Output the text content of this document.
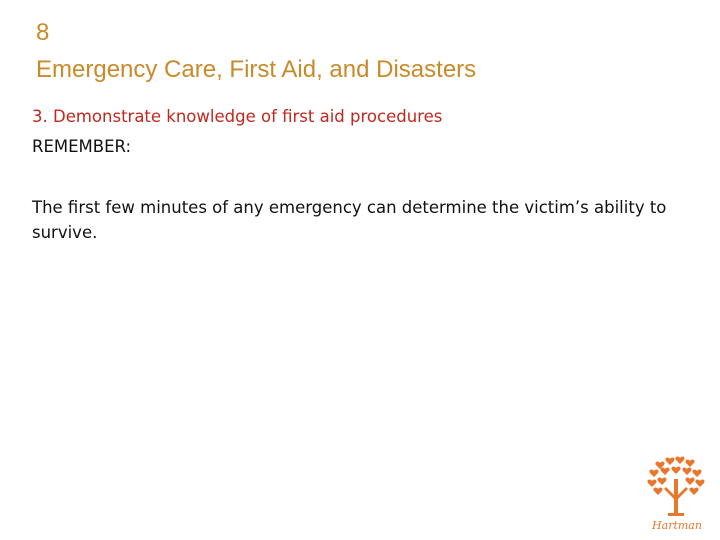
8
Emergency Care, First Aid, and Disasters
3. Demonstrate knowledge of first aid procedures
REMEMBER:
The first few minutes of any emergency can determine the victim’s ability to survive.
Hartman
